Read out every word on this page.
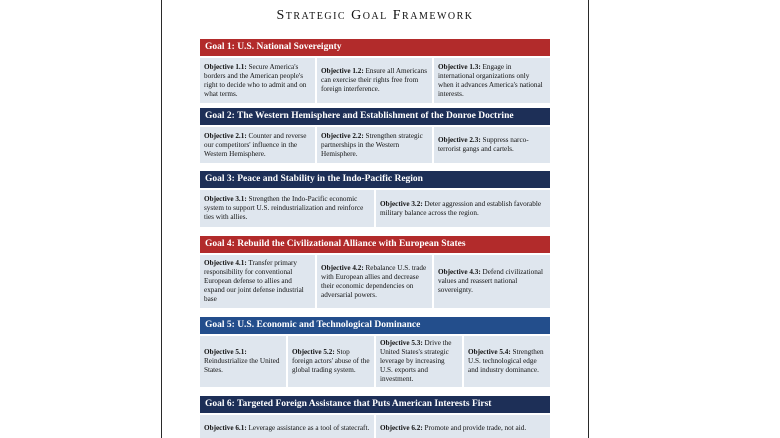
Strategic Goal Framework
Goal 1: U.S. National Sovereignty
Objective 1.1: Secure America's borders and the American people's right to decide who to admit and on what terms.
Objective 1.2: Ensure all Americans can exercise their rights free from foreign interference.
Objective 1.3: Engage in international organizations only when it advances America's national interests.
Goal 2: The Western Hemisphere and Establishment of the Donroe Doctrine
Objective 2.1: Counter and reverse our competitors' influence in the Western Hemisphere.
Objective 2.2: Strengthen strategic partnerships in the Western Hemisphere.
Objective 2.3: Suppress narco-terrorist gangs and cartels.
Goal 3: Peace and Stability in the Indo-Pacific Region
Objective 3.1: Strengthen the Indo-Pacific economic system to support U.S. reindustrialization and reinforce ties with allies.
Objective 3.2: Deter aggression and establish favorable military balance across the region.
Goal 4: Rebuild the Civilizational Alliance with European States
Objective 4.1: Transfer primary responsibility for conventional European defense to allies and expand our joint defense industrial base
Objective 4.2: Rebalance U.S. trade with European allies and decrease their economic dependencies on adversarial powers.
Objective 4.3: Defend civilizational values and reassert national sovereignty.
Goal 5: U.S. Economic and Technological Dominance
Objective 5.1: Reindustrialize the United States.
Objective 5.2: Stop foreign actors' abuse of the global trading system.
Objective 5.3: Drive the United States's strategic leverage by increasing U.S. exports and investment.
Objective 5.4: Strengthen U.S. technological edge and industry dominance.
Goal 6: Targeted Foreign Assistance that Puts American Interests First
Objective 6.1: Leverage assistance as a tool of statecraft. Objective 6.2: Promote and provide trade, not aid.
